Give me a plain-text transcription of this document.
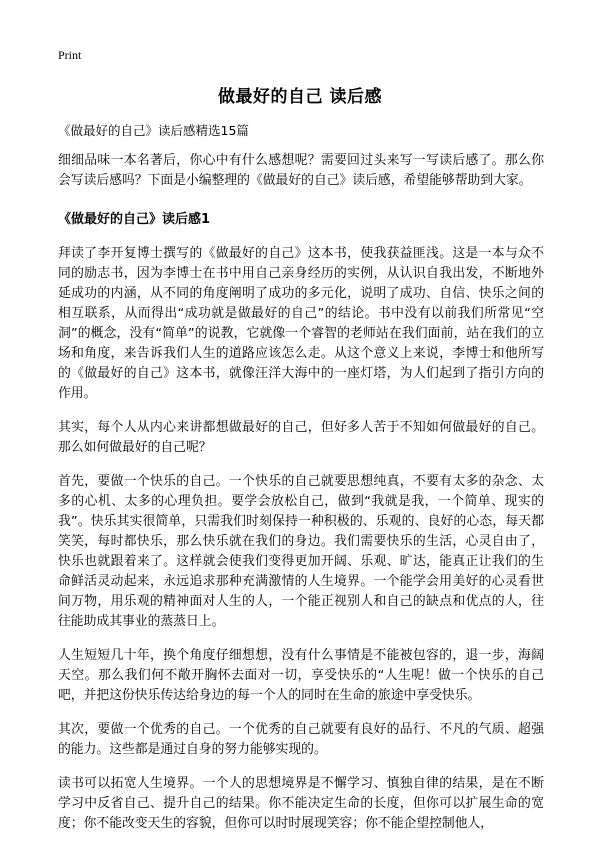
Print
做最好的自己 读后感
《做最好的自己》读后感精选15篇

细细品味一本名著后，你心中有什么感想呢？需要回过头来写一写读后感了。那么你会写读后感吗？下面是小编整理的《做最好的自己》读后感，希望能够帮助到大家。

《做最好的自己》读后感1

拜读了李开复博士撰写的《做最好的自己》这本书，使我获益匪浅。这是一本与众不同的励志书，因为李博士在书中用自己亲身经历的实例，从认识自我出发，不断地外延成功的内涵，从不同的角度阐明了成功的多元化，说明了成功、自信、快乐之间的相互联系，从而得出“成功就是做最好的自己”的结论。书中没有以前我们所常见“空洞”的概念，没有“简单”的说教，它就像一个睿智的老师站在我们面前，站在我们的立场和角度，来告诉我们人生的道路应该怎么走。从这个意义上来说，李博士和他所写的《做最好的自己》这本书，就像汪洋大海中的一座灯塔，为人们起到了指引方向的作用。

其实，每个人从内心来讲都想做最好的自己，但好多人苦于不知如何做最好的自己。那么如何做最好的自己呢？

首先，要做一个快乐的自己。一个快乐的自己就要思想纯真，不要有太多的杂念、太多的心机、太多的心理负担。要学会放松自己，做到“我就是我，一个简单、现实的我”。快乐其实很简单，只需我们时刻保持一种积极的、乐观的、良好的心态，每天都笑笑，每时都快乐，那么快乐就在我们的身边。我们需要快乐的生活，心灵自由了，快乐也就跟着来了。这样就会使我们变得更加开阔、乐观、旷达，能真正让我们的生命鲜活灵动起来，永远追求那种充满激情的人生境界。一个能学会用美好的心灵看世间万物，用乐观的精神面对人生的人，一个能正视别人和自己的缺点和优点的人，往往能助成其事业的蒸蒸日上。

人生短短几十年，换个角度仔细想想，没有什么事情是不能被包容的，退一步，海阔天空。那么我们何不敞开胸怀去面对一切，享受快乐的“人生呢！做一个快乐的自己吧，并把这份快乐传达给身边的每一个人的同时在生命的旅途中享受快乐。

其次，要做一个优秀的自己。一个优秀的自己就要有良好的品行、不凡的气质、超强的能力。这些都是通过自身的努力能够实现的。

读书可以拓宽人生境界。一个人的思想境界是不懈学习、慎独自律的结果，是在不断学习中反省自己、提升自己的结果。你不能决定生命的长度，但你可以扩展生命的宽度；你不能改变天生的容貌，但你可以时时展现笑容；你不能企望控制他人，
